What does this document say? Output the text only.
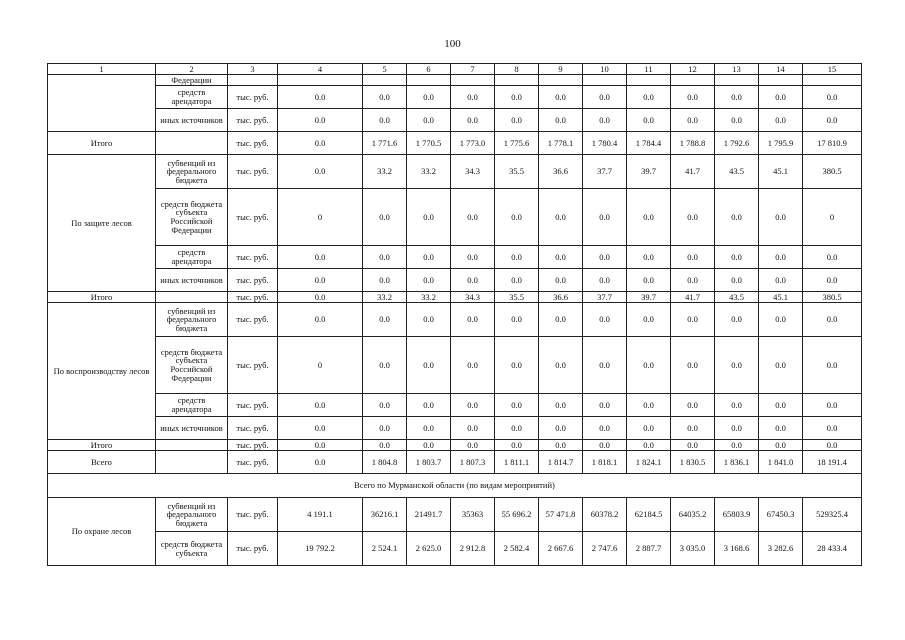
100
1	2	3	4	5	6	7	8	9	10	11	12	13	14	15
	Федерации													
	средств арендатора	тыс. руб.	0.0	0.0	0.0	0.0	0.0	0.0	0.0	0.0	0.0	0.0	0.0	0.0
	иных источников	тыс. руб.	0.0	0.0	0.0	0.0	0.0	0.0	0.0	0.0	0.0	0.0	0.0	0.0
Итого		тыс. руб.	0.0	1 771.6	1 770.5	1 773.0	1 775.6	1 778.1	1 780.4	1 784.4	1 788.8	1 792.6	1 795.9	17 810.9
По защите лесов	субвенций из федерального бюджета	тыс. руб.	0.0	33.2	33.2	34.3	35.5	36.6	37.7	39.7	41.7	43.5	45.1	380.5
	средств бюджета субъекта Российской Федерации	тыс. руб.	0	0.0	0.0	0.0	0.0	0.0	0.0	0.0	0.0	0.0	0.0	0
	средств арендатора	тыс. руб.	0.0	0.0	0.0	0.0	0.0	0.0	0.0	0.0	0.0	0.0	0.0	0.0
	иных источников	тыс. руб.	0.0	0.0	0.0	0.0	0.0	0.0	0.0	0.0	0.0	0.0	0.0	0.0
Итого		тыс. руб.	0.0	33.2	33.2	34.3	35.5	36.6	37.7	39.7	41.7	43.5	45.1	380.5
По воспроизводству лесов	субвенций из федерального бюджета	тыс. руб.	0.0	0.0	0.0	0.0	0.0	0.0	0.0	0.0	0.0	0.0	0.0	0.0
	средств бюджета субъекта Российской Федерации	тыс. руб.	0	0.0	0.0	0.0	0.0	0.0	0.0	0.0	0.0	0.0	0.0	0.0
	средств арендатора	тыс. руб.	0.0	0.0	0.0	0.0	0.0	0.0	0.0	0.0	0.0	0.0	0.0	0.0
	иных источников	тыс. руб.	0.0	0.0	0.0	0.0	0.0	0.0	0.0	0.0	0.0	0.0	0.0	0.0
Итого		тыс. руб.	0.0	0.0	0.0	0.0	0.0	0.0	0.0	0.0	0.0	0.0	0.0	0.0
Всего		тыс. руб.	0.0	1 804.8	1 803.7	1 807.3	1 811.1	1 814.7	1 818.1	1 824.1	1 830.5	1 836.1	1 841.0	18 191.4
Всего по Мурманской области (по видам мероприятий)														
По охране лесов	субвенций из федерального бюджета	тыс. руб.	4 191.1	36216.1	21491.7	35363	55 696.2	57 471.8	60378.2	62184.5	64035.2	65803.9	67450.3	529325.4
	средств бюджета субъекта	тыс. руб.	19 792.2	2 524.1	2 625.0	2 912.8	2 582.4	2 667.6	2 747.6	2 887.7	3 035.0	3 168.6	3 282.6	28 433.4
